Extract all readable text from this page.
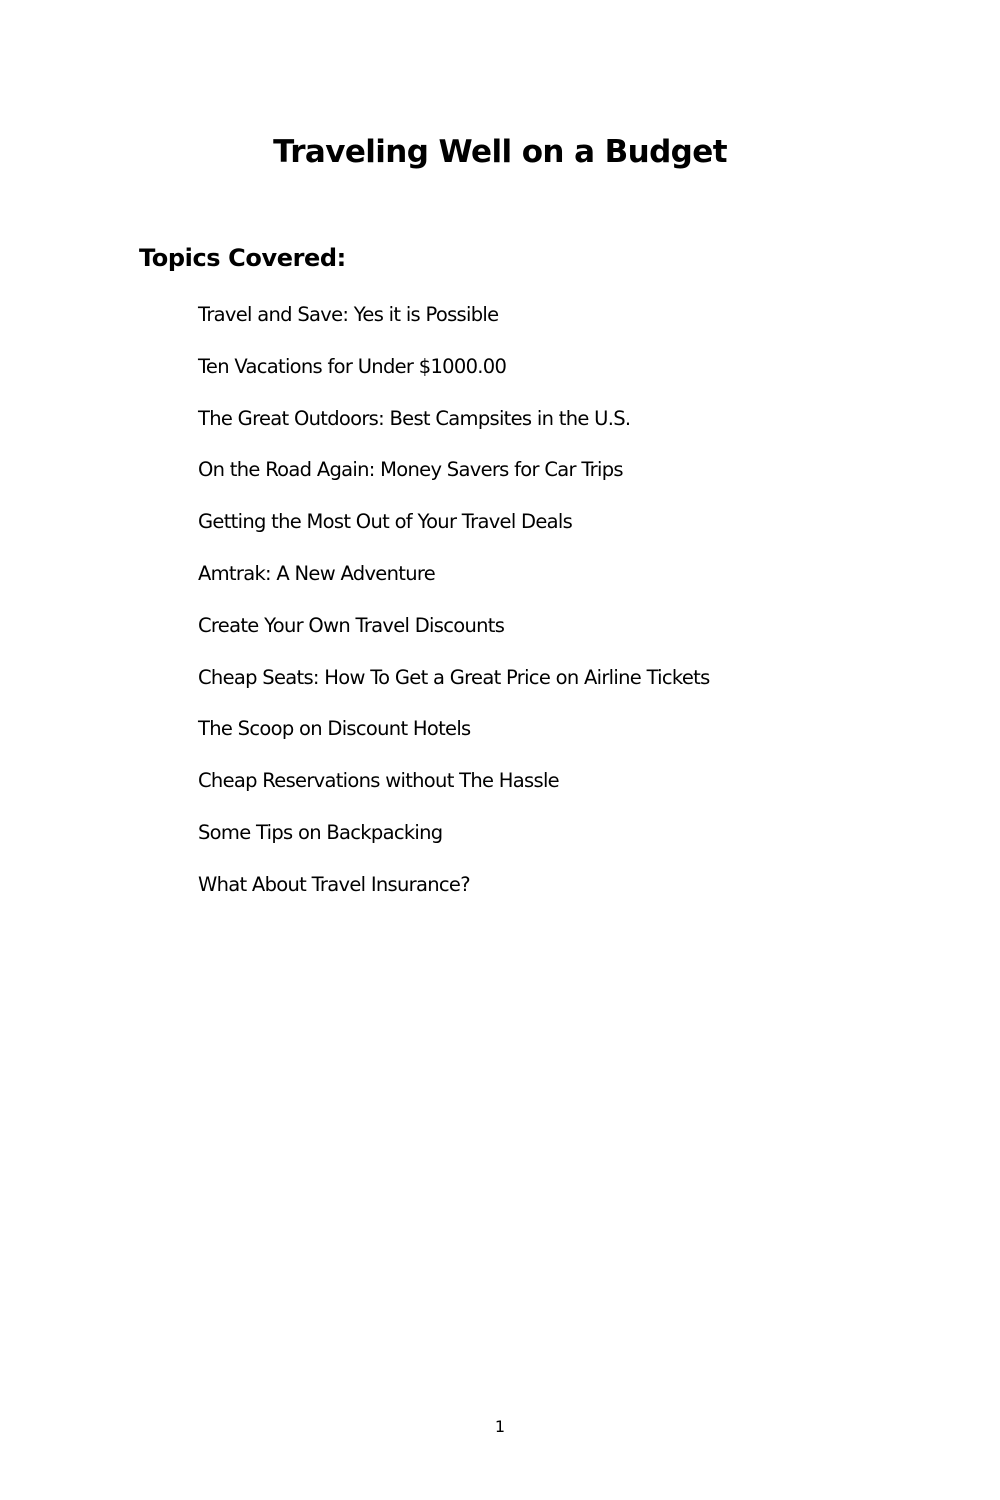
Traveling Well on a Budget
Topics Covered:
Travel and Save: Yes it is Possible
Ten Vacations for Under $1000.00
The Great Outdoors: Best Campsites in the U.S.
On the Road Again: Money Savers for Car Trips
Getting the Most Out of Your Travel Deals
Amtrak: A New Adventure
Create Your Own Travel Discounts
Cheap Seats: How To Get a Great Price on Airline Tickets
The Scoop on Discount Hotels
Cheap Reservations without The Hassle
Some Tips on Backpacking
What About Travel Insurance?
1
